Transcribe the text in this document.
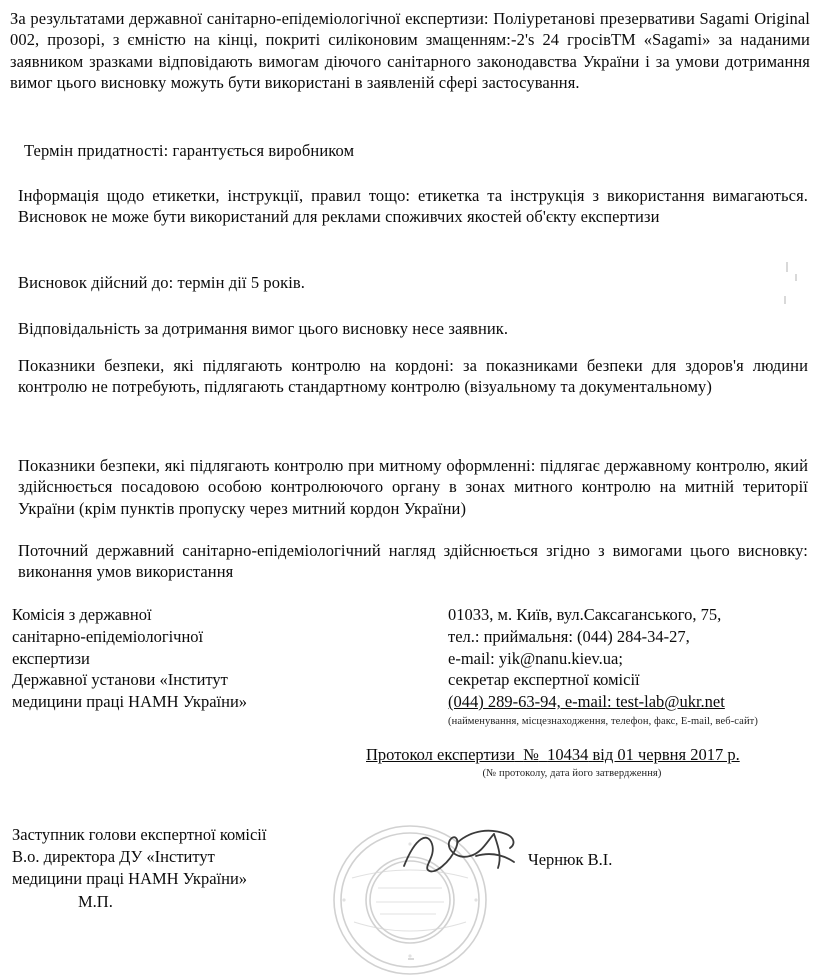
За результатами державної санітарно-епідеміологічної експертизи: Поліуретанові презервативи Sagami Original 002, прозорі, з ємністю на кінці, покриті силіконовим змащенням:-2's 24 гросівТМ «Sagami» за наданими заявником зразками відповідають вимогам діючого санітарного законодавства України і за умови дотримання вимог цього висновку можуть бути використані в заявленій сфері застосування.
Термін придатності: гарантується виробником
Інформація щодо етикетки, інструкції, правил тощо: етикетка та інструкція з використання вимагаються. Висновок не може бути використаний для реклами споживчих якостей об'єкту експертизи
Висновок дійсний до: термін дії 5 років.
Відповідальність за дотримання вимог цього висновку несе заявник.
Показники безпеки, які підлягають контролю на кордоні: за показниками безпеки для здоров'я людини контролю не потребують, підлягають стандартному контролю (візуальному та документальному)
Показники безпеки, які підлягають контролю при митному оформленні: підлягає державному контролю, який здійснюється посадовою особою контролюючого органу в зонах митного контролю на митній території України (крім пунктів пропуску через митний кордон України)
Поточний державний санітарно-епідеміологічний нагляд здійснюється згідно з вимогами цього висновку: виконання умов використання
Комісія з державної
санітарно-епідеміологічної
експертизи
Державної установи «Інститут
медицини праці НАМН України»
01033, м. Київ, вул.Саксаганського, 75,
тел.: приймальня: (044) 284-34-27,
e-mail: yik@nanu.kiev.ua;
секретар експертної комісії
(044) 289-63-94, e-mail: test-lab@ukr.net
(найменування, місцезнаходження, телефон, факс, Е-mail, веб-сайт)
Протокол експертизи № 10434 від 01 червня 2017 р.
(№ протоколу, дата його затвердження)
Заступник голови експертної комісії
В.о. директора ДУ «Інститут
медицини праці НАМН України»
М.П.
Чернюк В.І.
